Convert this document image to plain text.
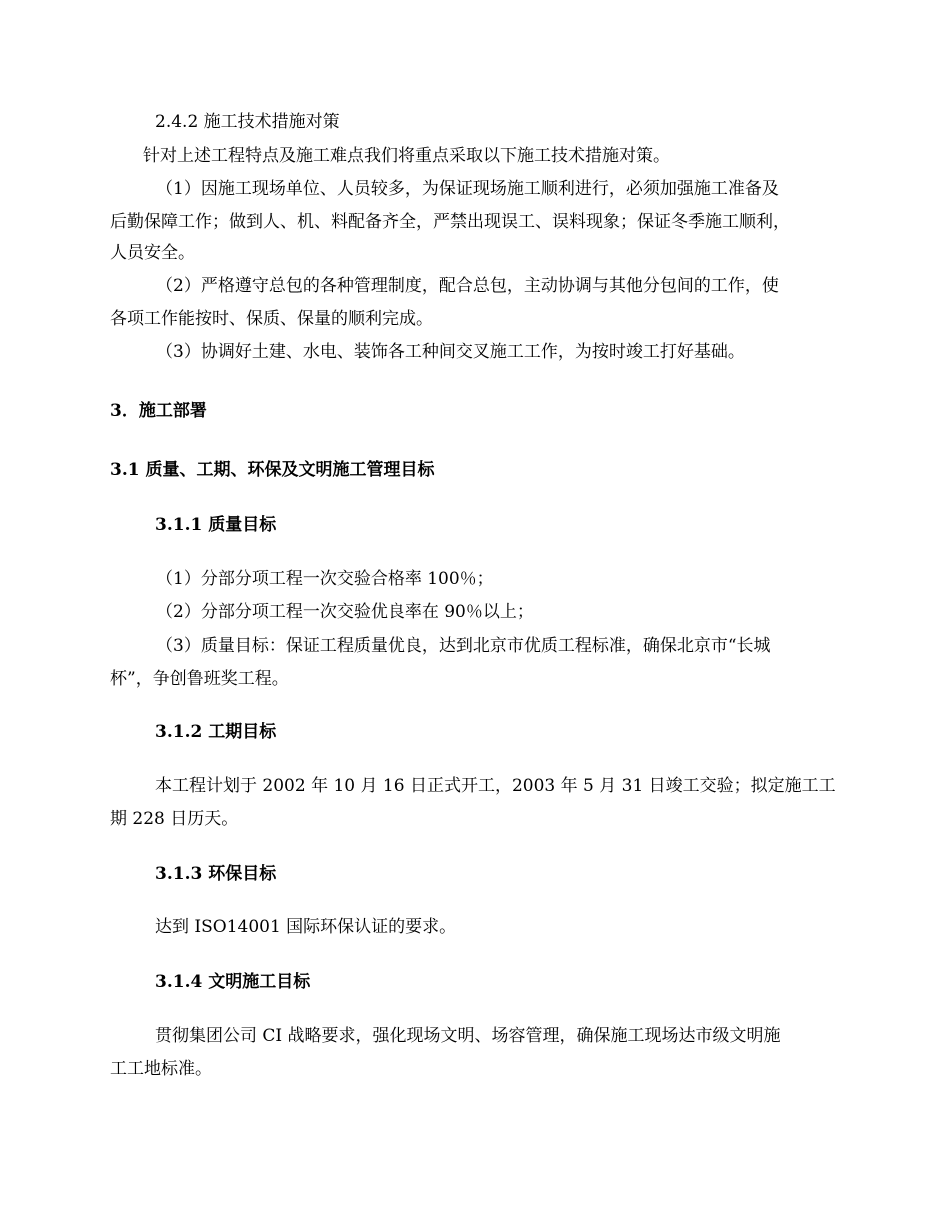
2.4.2 施工技术措施对策
针对上述工程特点及施工难点我们将重点采取以下施工技术措施对策。
（1）因施工现场单位、人员较多，为保证现场施工顺利进行，必须加强施工准备及
后勤保障工作；做到人、机、料配备齐全，严禁出现误工、误料现象；保证冬季施工顺利，
人员安全。
（2）严格遵守总包的各种管理制度，配合总包，主动协调与其他分包间的工作，使
各项工作能按时、保质、保量的顺利完成。
（3）协调好土建、水电、装饰各工种间交叉施工工作，为按时竣工打好基础。
3．施工部署
3.1 质量、工期、环保及文明施工管理目标
3.1.1 质量目标
（1）分部分项工程一次交验合格率 100％；
（2）分部分项工程一次交验优良率在 90％以上；
（3）质量目标：保证工程质量优良，达到北京市优质工程标准，确保北京市“长城
杯”，争创鲁班奖工程。
3.1.2 工期目标
本工程计划于 2002 年 10 月 16 日正式开工，2003 年 5 月 31 日竣工交验；拟定施工工
期 228 日历天。
3.1.3 环保目标
达到 ISO14001 国际环保认证的要求。
3.1.4 文明施工目标
贯彻集团公司 CI 战略要求，强化现场文明、场容管理，确保施工现场达市级文明施
工工地标准。
